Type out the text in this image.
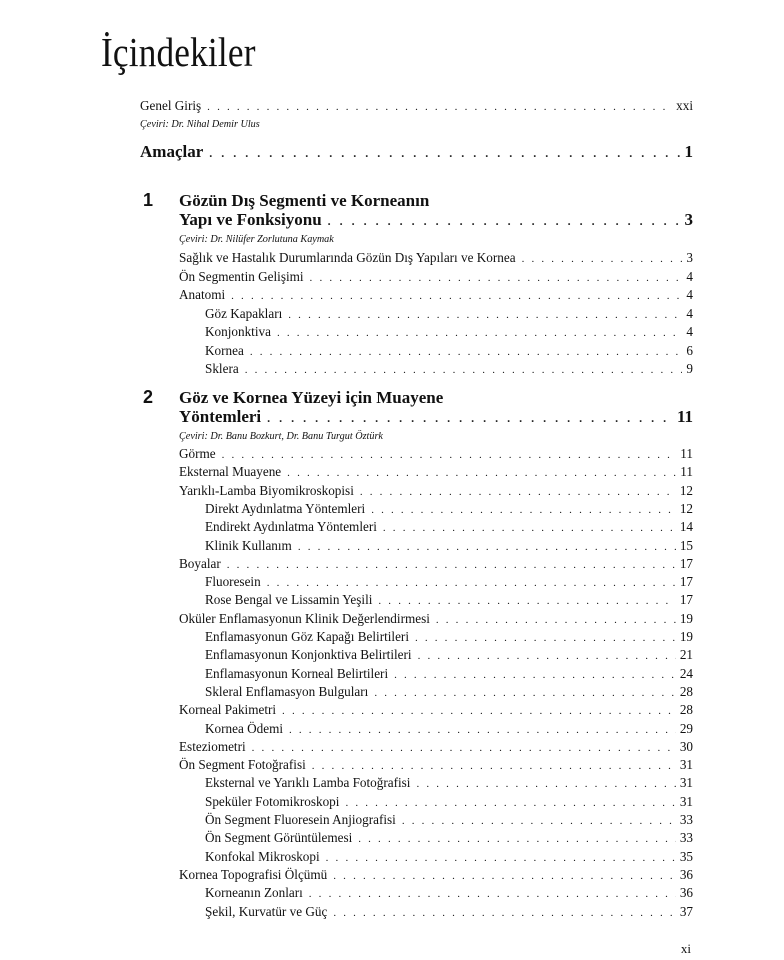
İçindekiler
Genel Giriş . . .	xxi
Çeviri: Dr. Nihal Demir Ulus
Amaçlar . . .	1
1 Gözün Dış Segmenti ve Korneanın
Yapı ve Fonksiyonu . . .	3
Çeviri: Dr. Nilüfer Zorlutuna Kaymak
Sağlık ve Hastalık Durumlarında Gözün Dış Yapıları ve Kornea . . .	3
Ön Segmentin Gelişimi . . .	4
Anatomi . . .	4
Göz Kapakları . . .	4
Konjonktiva . . .	4
Kornea . . .	6
Sklera . . .	9
2 Göz ve Kornea Yüzeyi için Muayene
Yöntemleri . . .	11
Çeviri: Dr. Banu Bozkurt, Dr. Banu Turgut Öztürk
Görme . . .	11
Eksternal Muayene . . .	11
Yarıklı-Lamba Biyomikroskopisi . . .	12
Direkt Aydınlatma Yöntemleri . . .	12
Endirekt Aydınlatma Yöntemleri . . .	14
Klinik Kullanım . . .	15
Boyalar . . .	17
Fluoresein . . .	17
Rose Bengal ve Lissamin Yeşili . . .	17
Oküler Enflamasyonun Klinik Değerlendirmesi . . .	19
Enflamasyonun Göz Kapağı Belirtileri . . .	19
Enflamasyonun Konjonktiva Belirtileri . . .	21
Enflamasyonun Korneal Belirtileri . . .	24
Skleral Enflamasyon Bulguları . . .	28
Korneal Pakimetri . . .	28
Kornea Ödemi . . .	29
Esteziometri . . .	30
Ön Segment Fotoğrafisi . . .	31
Eksternal ve Yarıklı Lamba Fotoğrafisi . . .	31
Speküler Fotomikroskopi . . .	31
Ön Segment Fluoresein Anjiografisi . . .	33
Ön Segment Görüntülemesi . . .	33
Konfokal Mikroskopi . . .	35
Kornea Topografisi Ölçümü . . .	36
Korneanın Zonları . . .	36
Şekil, Kurvatür ve Güç . . .	37
xi
